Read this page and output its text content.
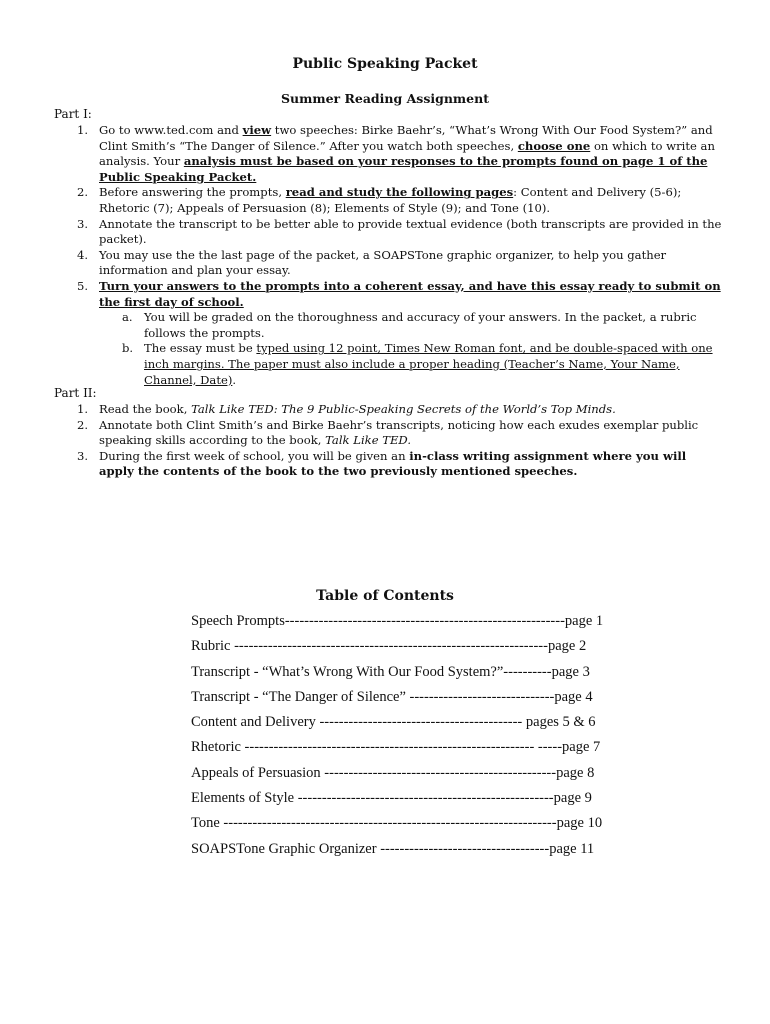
Public Speaking Packet
Summer Reading Assignment
Part I:
1. Go to www.ted.com and view two speeches: Birke Baehr’s, “What’s Wrong With Our Food System?” and Clint Smith’s “The Danger of Silence.” After you watch both speeches, choose one on which to write an analysis. Your analysis must be based on your responses to the prompts found on page 1 of the Public Speaking Packet.
2. Before answering the prompts, read and study the following pages: Content and Delivery (5-6); Rhetoric (7); Appeals of Persuasion (8); Elements of Style (9); and Tone (10).
3. Annotate the transcript to be better able to provide textual evidence (both transcripts are provided in the packet).
4. You may use the the last page of the packet, a SOAPSTone graphic organizer, to help you gather information and plan your essay.
5. Turn your answers to the prompts into a coherent essay, and have this essay ready to submit on the first day of school.
a. You will be graded on the thoroughness and accuracy of your answers. In the packet, a rubric follows the prompts.
b. The essay must be typed using 12 point, Times New Roman font, and be double-spaced with one inch margins. The paper must also include a proper heading (Teacher’s Name, Your Name, Channel, Date).
Part II:
1. Read the book, Talk Like TED: The 9 Public-Speaking Secrets of the World’s Top Minds.
2. Annotate both Clint Smith’s and Birke Baehr’s transcripts, noticing how each exudes exemplar public speaking skills according to the book, Talk Like TED.
3. During the first week of school, you will be given an in-class writing assignment where you will apply the contents of the book to the two previously mentioned speeches.
Table of Contents
Speech Prompts----------------------------------------------------------page 1
Rubric -----------------------------------------------------------------page 2
Transcript - “What’s Wrong With Our Food System?”----------page 3
Transcript - “The Danger of Silence” ------------------------------page 4
Content and Delivery ------------------------------------------ pages 5 & 6
Rhetoric ------------------------------------------------------------ -----page 7
Appeals of Persuasion ------------------------------------------------page 8
Elements of Style -----------------------------------------------------page 9
Tone ---------------------------------------------------------------------page 10
SOAPSTone Graphic Organizer -----------------------------------page 11
